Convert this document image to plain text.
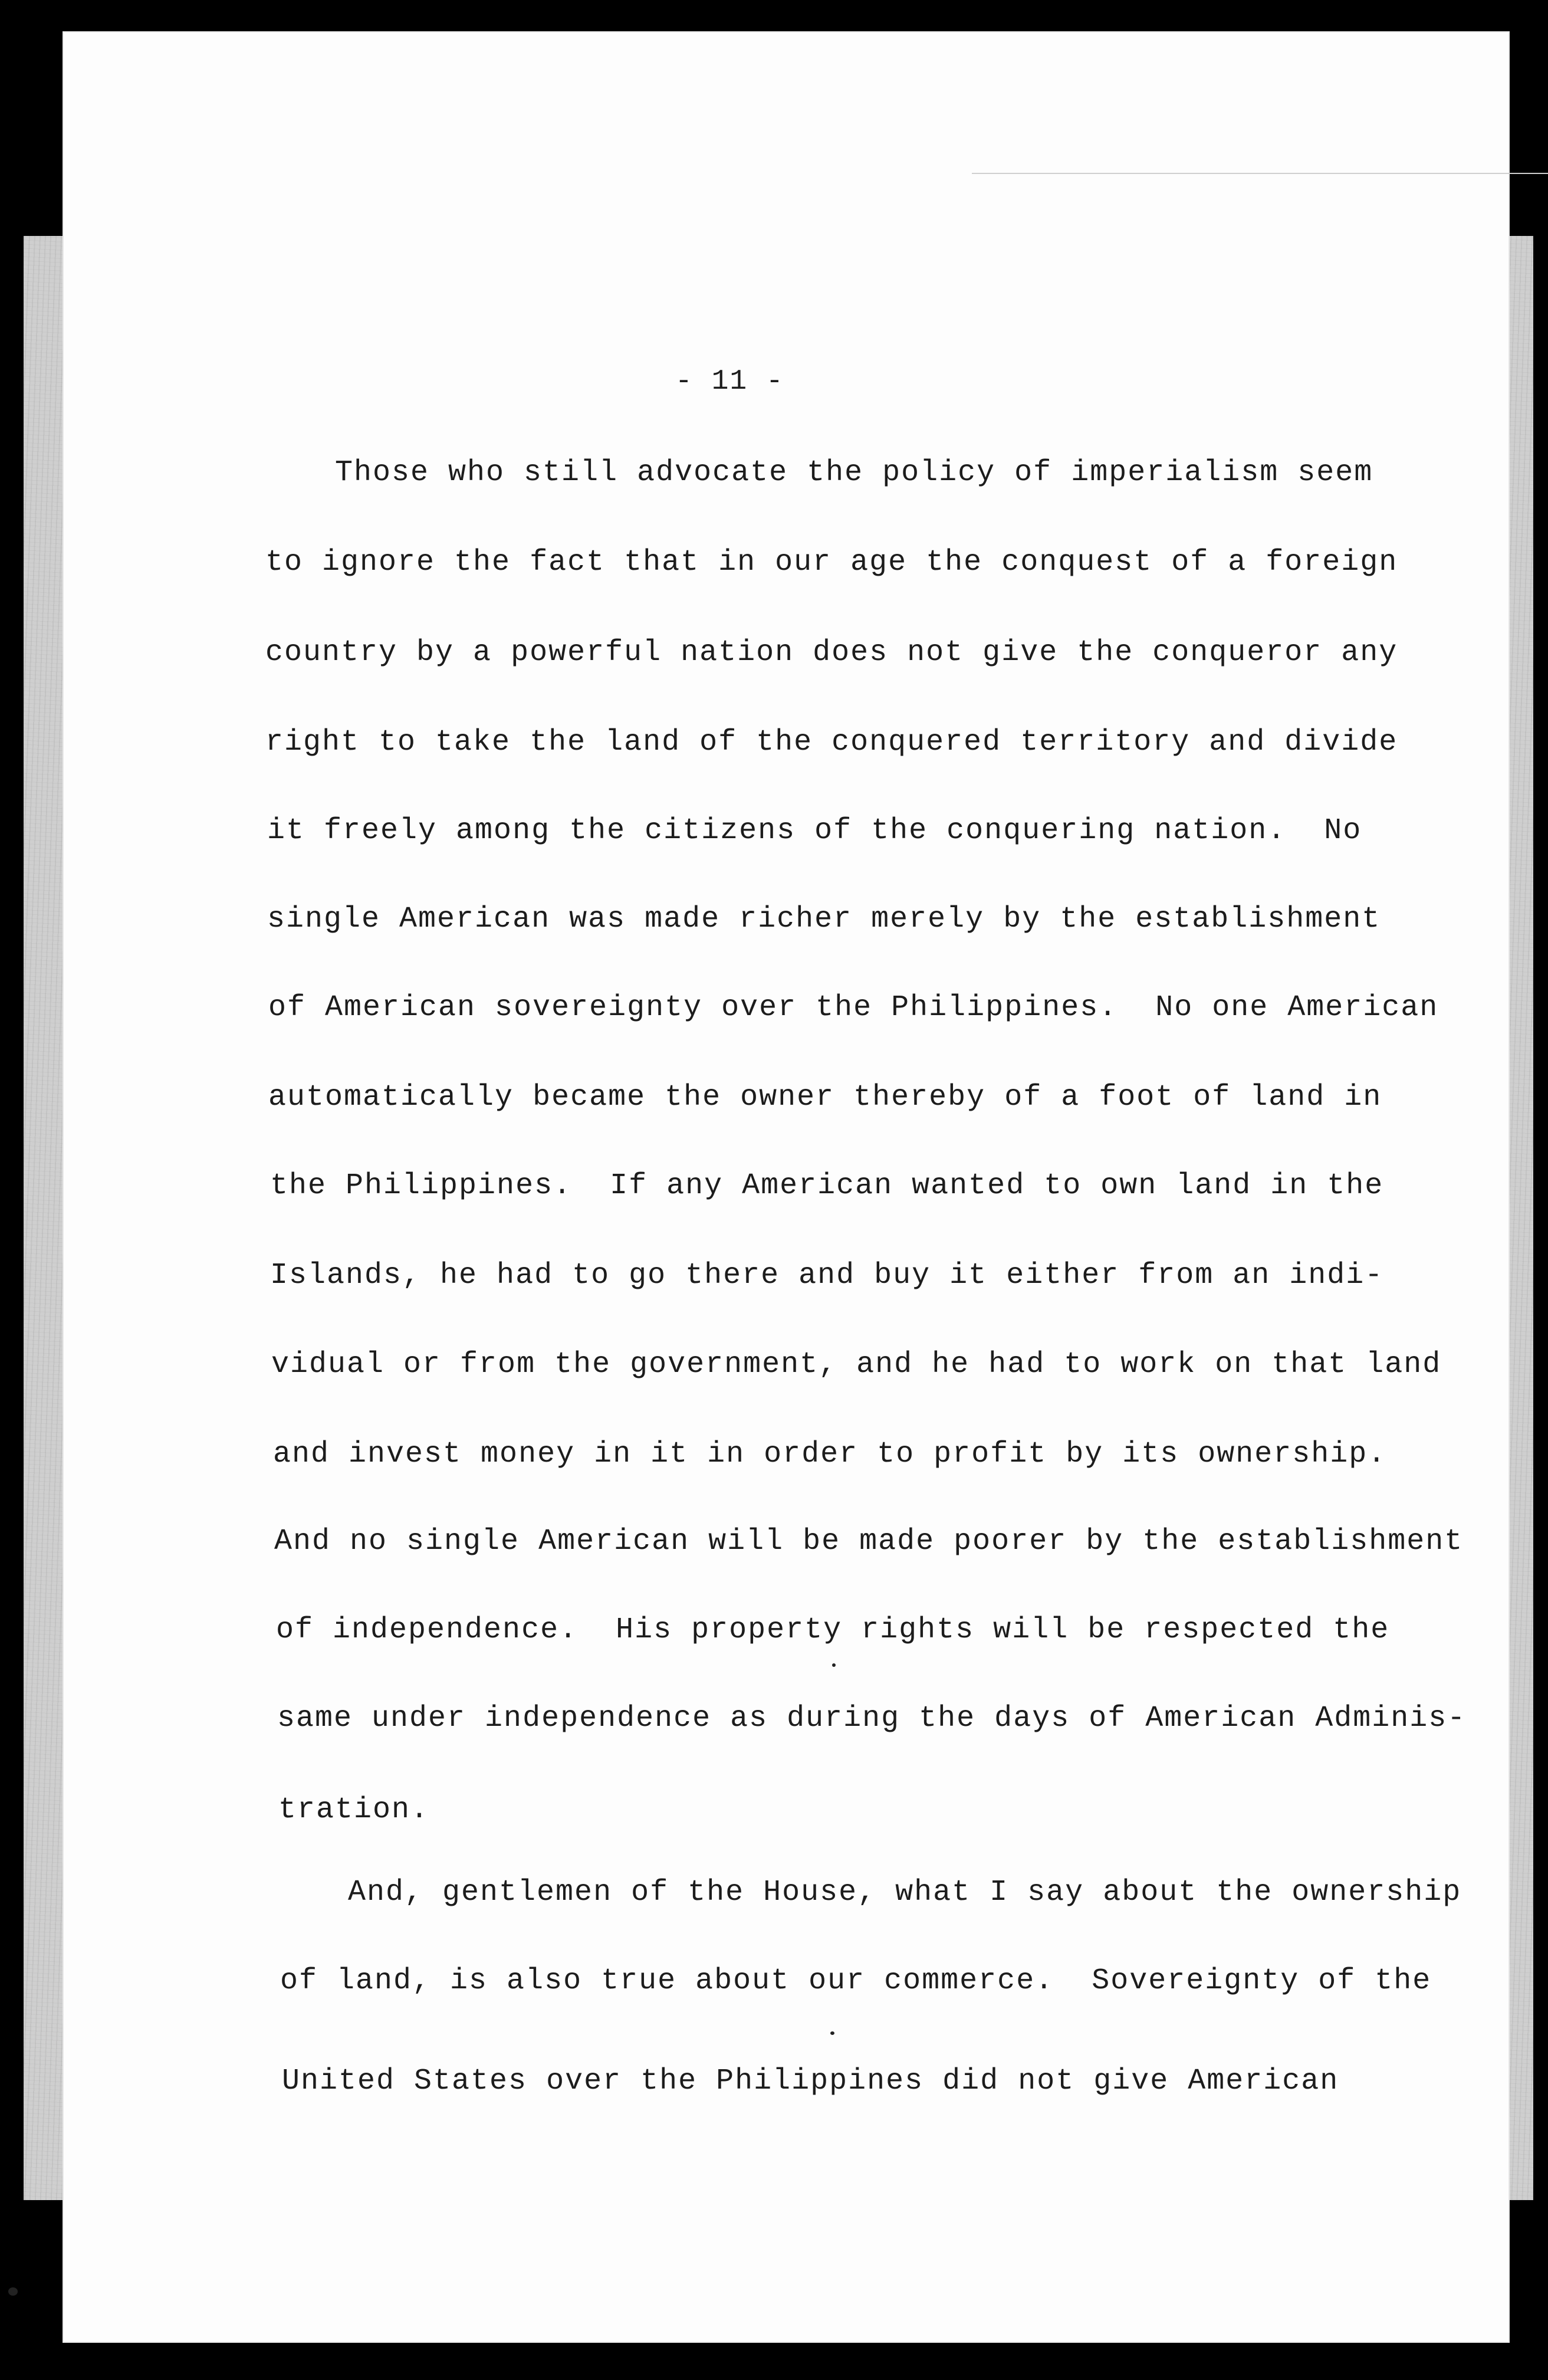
- 11 -

Those who still advocate the policy of imperialism seem

to ignore the fact that in our age the conquest of a foreign

country by a powerful nation does not give the conqueror any

right to take the land of the conquered territory and divide

it freely among the citizens of the conquering nation.  No

single American was made richer merely by the establishment

of American sovereignty over the Philippines.  No one American

automatically became the owner thereby of a foot of land in

the Philippines.  If any American wanted to own land in the

Islands, he had to go there and buy it either from an indi-

vidual or from the government, and he had to work on that land

and invest money in it in order to profit by its ownership.

And no single American will be made poorer by the establishment

of independence.  His property rights will be respected the

same under independence as during the days of American Adminis-

tration.

And, gentlemen of the House, what I say about the ownership

of land, is also true about our commerce.  Sovereignty of the

United States over the Philippines did not give American
